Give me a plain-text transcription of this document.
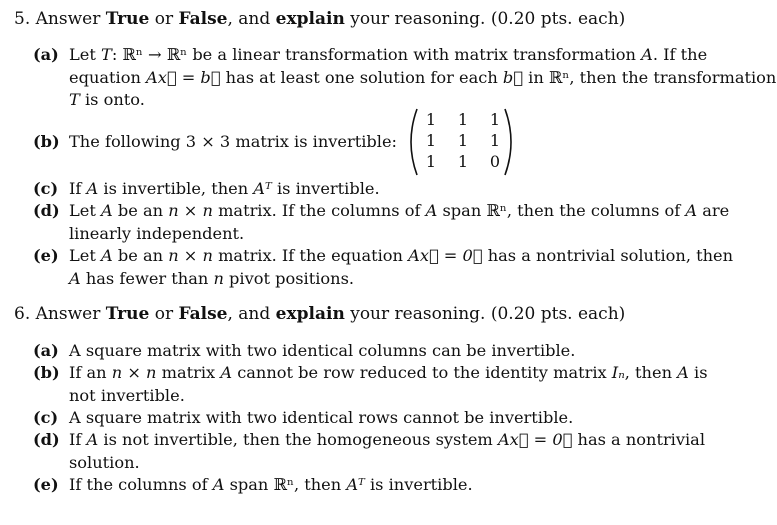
5. Answer True or False, and explain your reasoning. (0.20 pts. each)
(a) Let T: ℝⁿ → ℝⁿ be a linear transformation with matrix transformation A. If the
equation Ax⃗ = b⃗ has at least one solution for each b⃗ in ℝⁿ, then the transformation
T is onto.
(b) The following 3 × 3 matrix is invertible:
1 1 1
1 1 1
1 1 0
(c) If A is invertible, then Aᵀ is invertible.
(d) Let A be an n × n matrix. If the columns of A span ℝⁿ, then the columns of A are
linearly independent.
(e) Let A be an n × n matrix. If the equation Ax⃗ = 0⃗ has a nontrivial solution, then
A has fewer than n pivot positions.
6. Answer True or False, and explain your reasoning. (0.20 pts. each)
(a) A square matrix with two identical columns can be invertible.
(b) If an n × n matrix A cannot be row reduced to the identity matrix Iₙ, then A is
not invertible.
(c) A square matrix with two identical rows cannot be invertible.
(d) If A is not invertible, then the homogeneous system Ax⃗ = 0⃗ has a nontrivial
solution.
(e) If the columns of A span ℝⁿ, then Aᵀ is invertible.
